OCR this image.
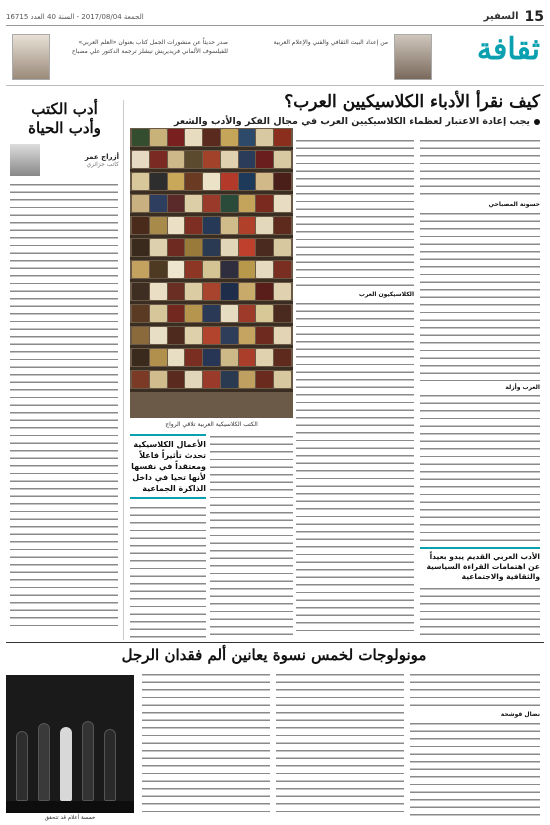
15
السفير
الجمعة 2017/08/04 - السنة 40 العدد 16715
ثقافة
من إعداد البيت الثقافي والفني والإعلام العربية
صدر حديثاً عن منشورات الجمل كتاب بعنوان «العلم العربي» للفيلسوف الألماني فريديريش تيشلر ترجمة الدكتور علي مصباح
كيف نقرأ الأدباء الكلاسيكيين العرب؟
يجب إعادة الاعتبار لعظماء الكلاسيكيين العرب في مجال الفكر والأدب والشعر
حسونة المصباحي
الغرب وأزلة
الأدب العربي القديم يبدو بعيداً عن اهتمامات القراءة السياسية والثقافية والاجتماعية
الكلاسيكيون العرب
الكتب الكلاسيكية العربية تلاقي الرواج
الأعمال الكلاسيكية تحدث تأثيراً فاعلاً ومعتقداً في نفسها لأنها تحيا في داخل الذاكرة الجماعية
أدب الكتب
وأدب الحياة
أزراج عمر
كاتب جزائري
مونولوجات لخمس نسوة يعانين ألم فقدان الرجل
نضال قوشحة
خمسة أعلام قد تتحقق
